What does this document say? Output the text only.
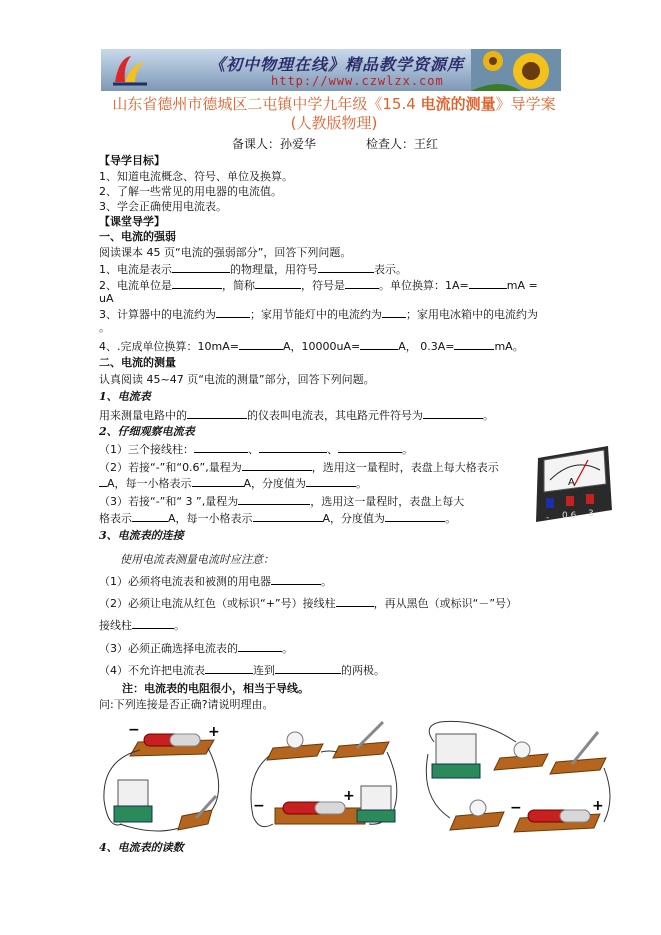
《初中物理在线》精品教学资源库
http://www.czwlzx.com
山东省德州市德城区二屯镇中学九年级《15.4 电流的测量》导学案(人教版物理)
备课人：孙爱华	检查人：王红
【导学目标】
1、知道电流概念、符号、单位及换算。
2、了解一些常见的用电器的电流值。
3、学会正确使用电流表。
【课堂导学】
一、电流的强弱
阅读课本 45 页“电流的强弱部分”，回答下列问题。
1、电流是表示	的物理量，用符号	表示。
2、电流单位是	，简称	，符号是	。单位换算：1A=	mA =
uA
3、计算器中的电流约为	；家用节能灯中的电流约为 ；家用电冰箱中的电流约为
。
4、.完成单位换算：10mA=	A，10000uA=	A， 0.3A=	mA。
二、电流的测量
认真阅读 45~47 页“电流的测量”部分，回答下列问题。
1、电流表
用来测量电路中的	的仪表叫电流表，其电路元件符号为	。
2、仔细观察电流表
（1）三个接线柱：	、	、	。
（2）若接“-”和“0.6”,量程为	，选用这一量程时，表盘上每大格表示
A，每一小格表示	A，分度值为	。
（3）若接“-”和“ 3 ”,量程为	，选用这一量程时，表盘上每大
格表示	A，每一小格表示	A，分度值为	。
A
- 0.6 3
3、电流表的连接
使用电流表测量电流时应注意：
（1）必须将电流表和被测的用电器	。
（2）必须让电流从红色（或标识“+”号）接线柱	，再从黑色（或标识“－”号）
接线柱	。
（3）必须正确选择电流表的	。
（4）不允许把电流表	连到	的两极。
注：电流表的电阻很小，相当于导线。
问:下列连接是否正确?请说明理由。
−	+
−
+
−	+
4、电流表的读数
